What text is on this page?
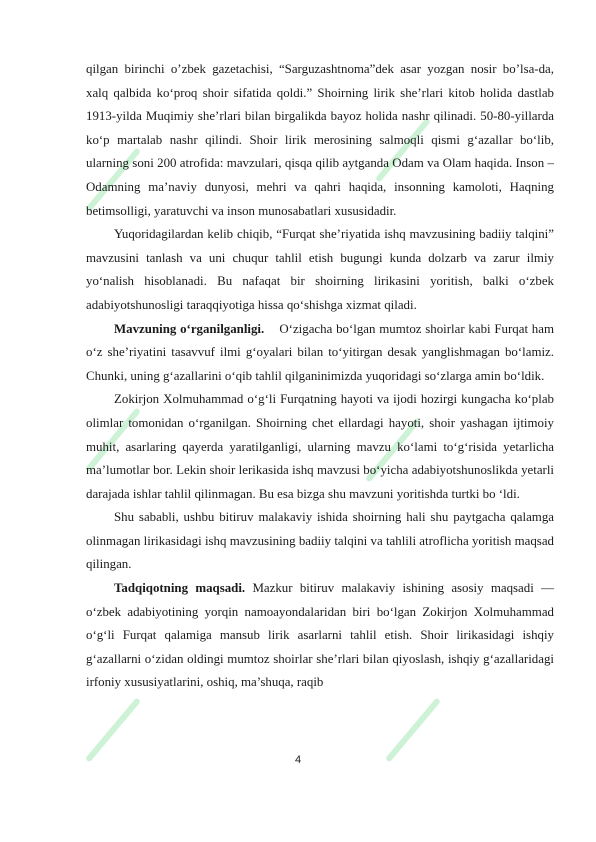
qilgan birinchi o’zbek gazetachisi, “Sarguzashtnoma”dek asar yozgan nosir bo’lsa-da, xalq qalbida ko‘proq shoir sifatida qoldi.” Shoirning lirik she’rlari kitob holida dastlab 1913-yilda Muqimiy she’rlari bilan birgalikda bayoz holida nashr qilinadi. 50-80-yillarda ko‘p martalab nashr qilindi. Shoir lirik merosining salmoqli qismi g‘azallar bo‘lib, ularning soni 200 atrofida: mavzulari, qisqa qilib aytganda Odam va Olam haqida. Inson – Odamning ma’naviy dunyosi, mehri va qahri haqida, insonning kamoloti, Haqning betimsolligi, yaratuvchi va inson munosabatlari xususidadir.

Yuqoridagilardan kelib chiqib, “Furqat she’riyatida ishq mavzusining badiiy talqini” mavzusini tanlash va uni chuqur tahlil etish bugungi kunda dolzarb va zarur ilmiy yo‘nalish hisoblanadi. Bu nafaqat bir shoirning lirikasini yoritish, balki o‘zbek adabiyotshunosligi taraqqiyotiga hissa qo‘shishga xizmat qiladi.

Mavzuning o‘rganilganligi. O‘zigacha bo‘lgan mumtoz shoirlar kabi Furqat ham o‘z she’riyatini tasavvuf ilmi g‘oyalari bilan to‘yitirgan desak yanglishmagan bo‘lamiz. Chunki, uning g‘azallarini o‘qib tahlil qilganinimizda yuqoridagi so‘zlarga amin bo‘ldik.

Zokirjon Xolmuhammad o‘g‘li Furqatning hayoti va ijodi hozirgi kungacha ko‘plab olimlar tomonidan o‘rganilgan. Shoirning chet ellardagi hayoti, shoir yashagan ijtimoiy muhit, asarlaring qayerda yaratilganligi, ularning mavzu ko‘lami to‘g‘risida yetarlicha ma’lumotlar bor. Lekin shoir lerikasida ishq mavzusi bo‘yicha adabiyotshunoslikda yetarli darajada ishlar tahlil qilinmagan. Bu esa bizga shu mavzuni yoritishda turtki bo ‘ldi.

Shu sababli, ushbu bitiruv malakaviy ishida shoirning hali shu paytgacha qalamga olinmagan lirikasidagi ishq mavzusining badiiy talqini va tahlili atroflicha yoritish maqsad qilingan.

Tadqiqotning maqsadi. Mazkur bitiruv malakaviy ishining asosiy maqsadi — o‘zbek adabiyotining yorqin namoayondalaridan biri bo‘lgan Zokirjon Xolmuhammad o‘g‘li Furqat qalamiga mansub lirik asarlarni tahlil etish. Shoir lirikasidagi ishqiy g‘azallarni o‘zidan oldingi mumtoz shoirlar she’rlari bilan qiyoslash, ishqiy g‘azallaridagi irfoniy xususiyatlarini, oshiq, ma’shuqa, raqib

4
